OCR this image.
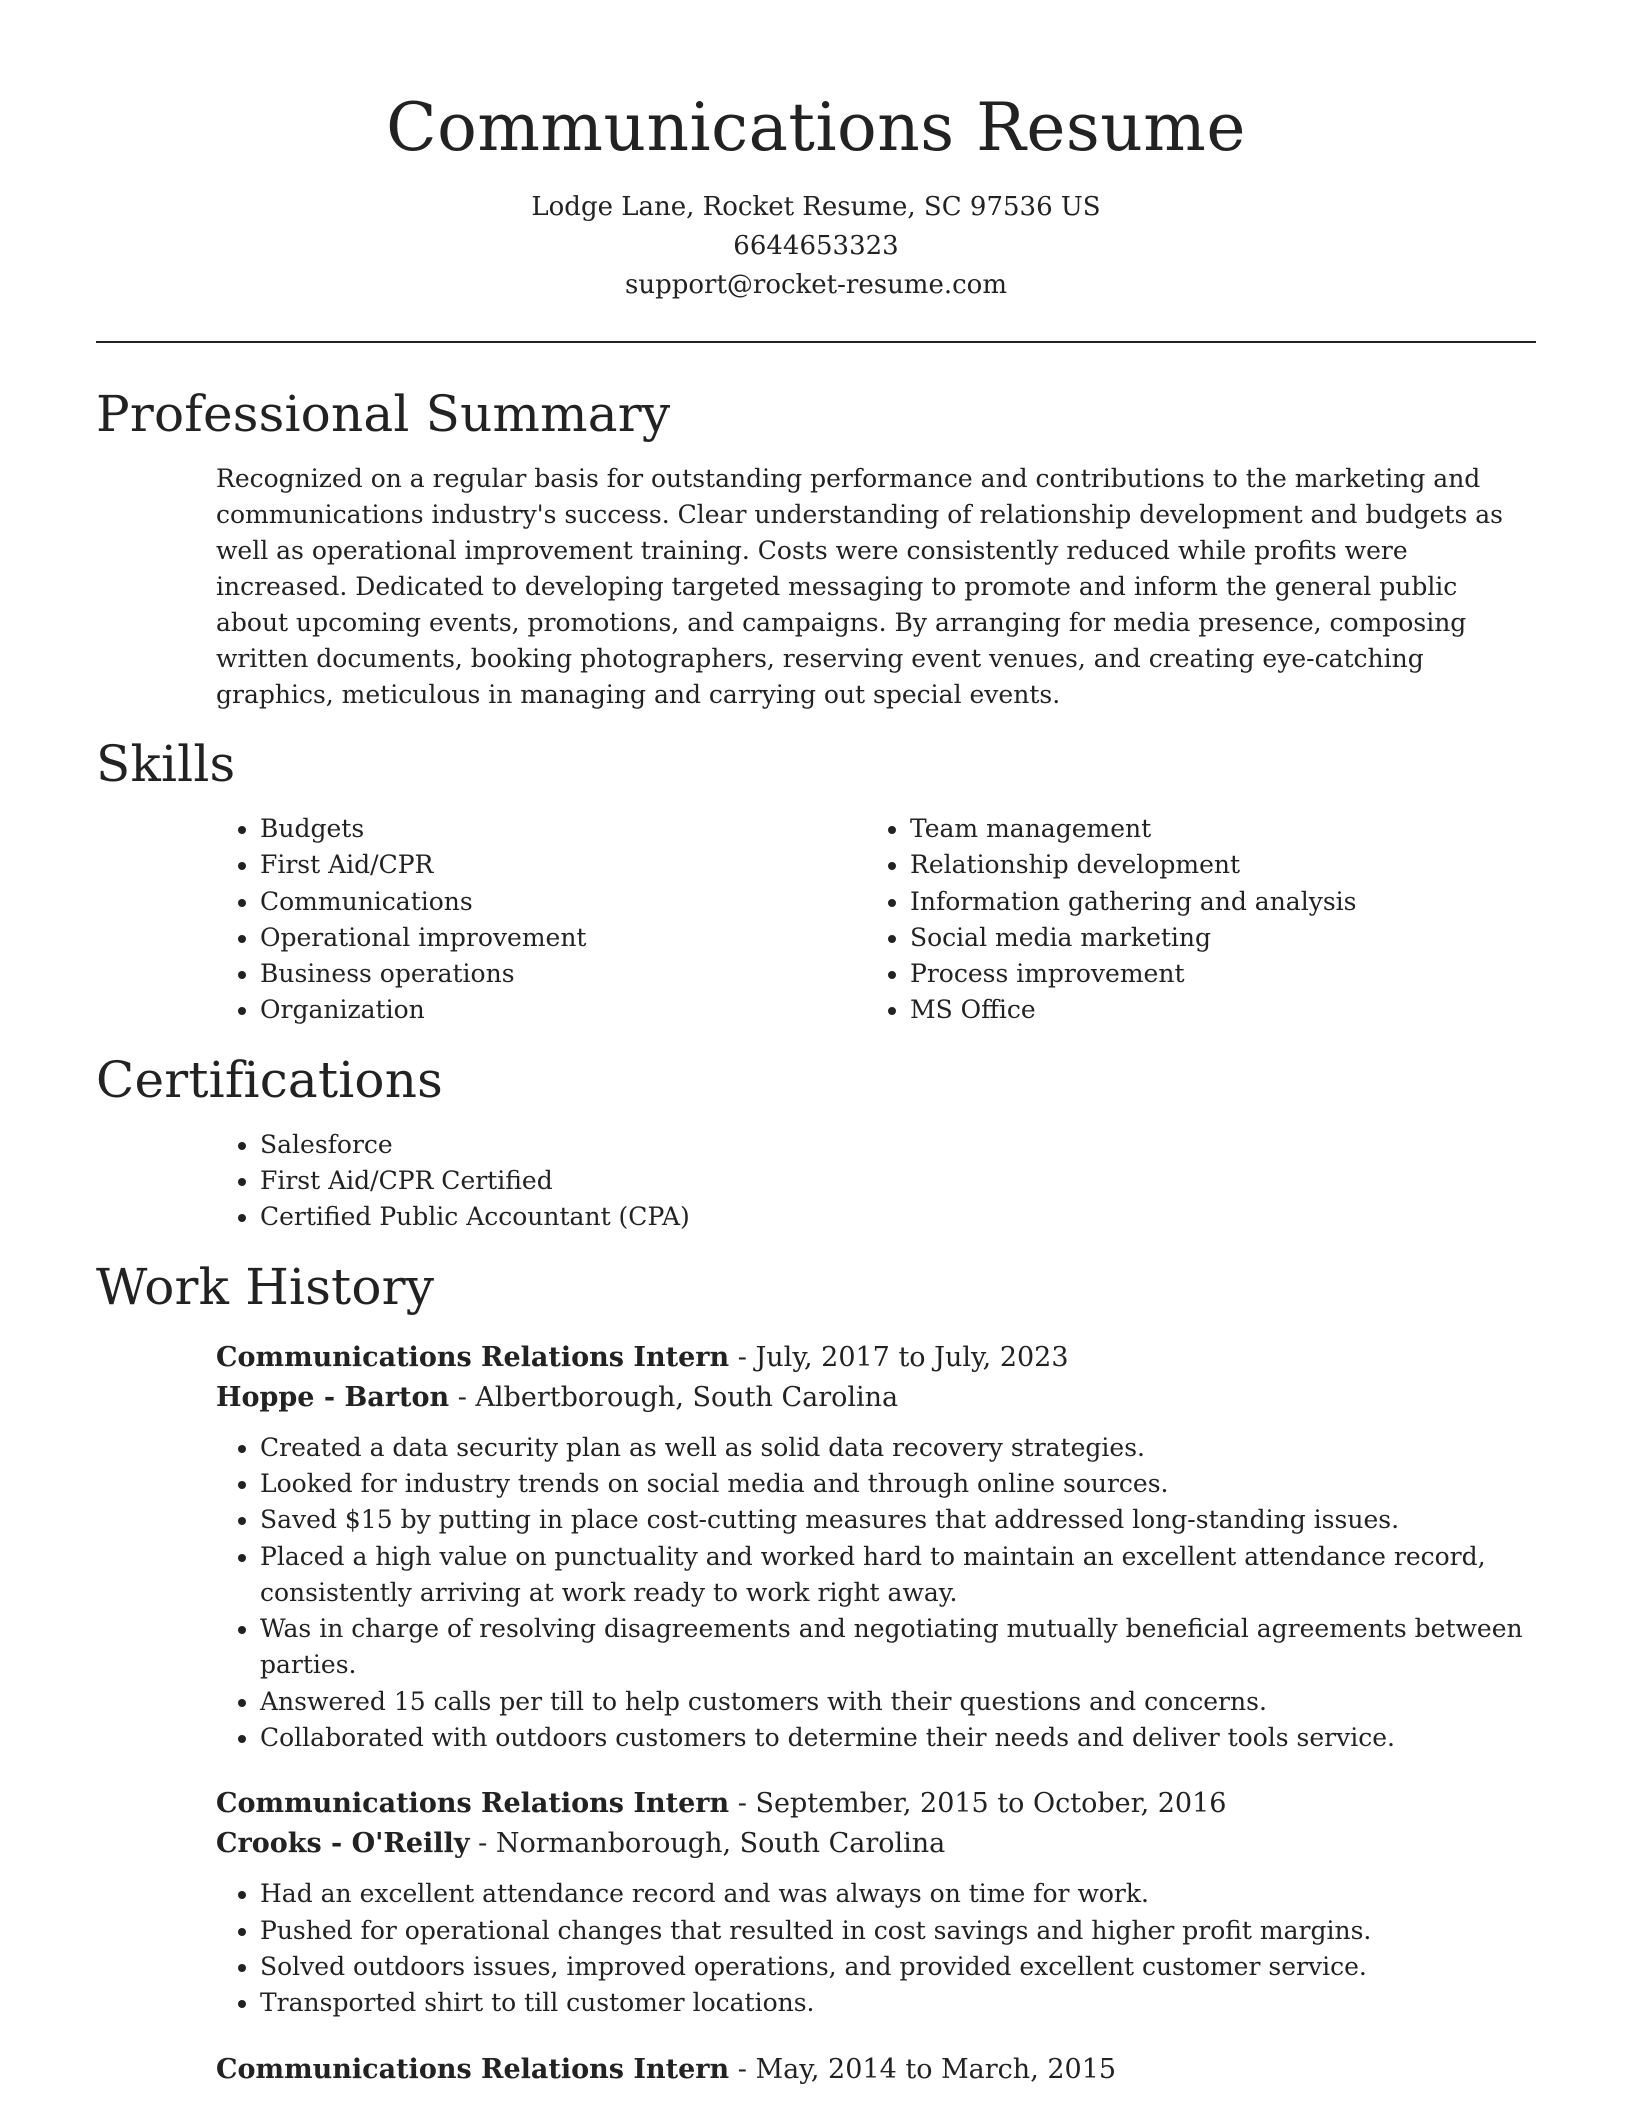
Communications Resume
Lodge Lane, Rocket Resume, SC 97536 US
6644653323
support@rocket-resume.com
Professional Summary

Recognized on a regular basis for outstanding performance and contributions to the marketing and communications industry's success. Clear understanding of relationship development and budgets as well as operational improvement training. Costs were consistently reduced while profits were increased. Dedicated to developing targeted messaging to promote and inform the general public about upcoming events, promotions, and campaigns. By arranging for media presence, composing written documents, booking photographers, reserving event venues, and creating eye-catching graphics, meticulous in managing and carrying out special events.

Skills
• Budgets
• First Aid/CPR
• Communications
• Operational improvement
• Business operations
• Organization
• Team management
• Relationship development
• Information gathering and analysis
• Social media marketing
• Process improvement
• MS Office
Certifications
• Salesforce
• First Aid/CPR Certified
• Certified Public Accountant (CPA)
Work History
Communications Relations Intern - July, 2017 to July, 2023
Hoppe - Barton - Albertborough, South Carolina
• Created a data security plan as well as solid data recovery strategies.
• Looked for industry trends on social media and through online sources.
• Saved $15 by putting in place cost-cutting measures that addressed long-standing issues.
• Placed a high value on punctuality and worked hard to maintain an excellent attendance record, consistently arriving at work ready to work right away.
• Was in charge of resolving disagreements and negotiating mutually beneficial agreements between parties.
• Answered 15 calls per till to help customers with their questions and concerns.
• Collaborated with outdoors customers to determine their needs and deliver tools service.
Communications Relations Intern - September, 2015 to October, 2016
Crooks - O'Reilly - Normanborough, South Carolina
• Had an excellent attendance record and was always on time for work.
• Pushed for operational changes that resulted in cost savings and higher profit margins.
• Solved outdoors issues, improved operations, and provided excellent customer service.
• Transported shirt to till customer locations.
Communications Relations Intern - May, 2014 to March, 2015
